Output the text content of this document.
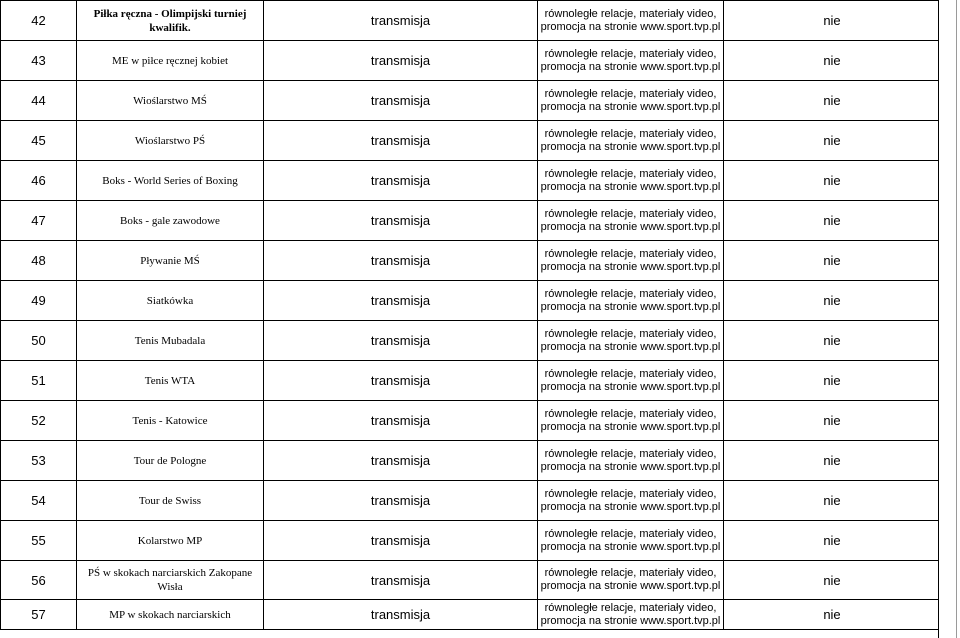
42	Piłka ręczna - Olimpijski turniej kwalifik.	transmisja	równoległe relacje, materiały video,
promocja na stronie www.sport.tvp.pl	nie
43	ME w piłce ręcznej kobiet	transmisja	równoległe relacje, materiały video,
promocja na stronie www.sport.tvp.pl	nie
44	Wioślarstwo MŚ	transmisja	równoległe relacje, materiały video,
promocja na stronie www.sport.tvp.pl	nie
45	Wioślarstwo PŚ	transmisja	równoległe relacje, materiały video,
promocja na stronie www.sport.tvp.pl	nie
46	Boks - World Series of Boxing	transmisja	równoległe relacje, materiały video,
promocja na stronie www.sport.tvp.pl	nie
47	Boks - gale zawodowe	transmisja	równoległe relacje, materiały video,
promocja na stronie www.sport.tvp.pl	nie
48	Pływanie MŚ	transmisja	równoległe relacje, materiały video,
promocja na stronie www.sport.tvp.pl	nie
49	Siatkówka	transmisja	równoległe relacje, materiały video,
promocja na stronie www.sport.tvp.pl	nie
50	Tenis Mubadala	transmisja	równoległe relacje, materiały video,
promocja na stronie www.sport.tvp.pl	nie
51	Tenis WTA	transmisja	równoległe relacje, materiały video,
promocja na stronie www.sport.tvp.pl	nie
52	Tenis - Katowice	transmisja	równoległe relacje, materiały video,
promocja na stronie www.sport.tvp.pl	nie
53	Tour de Pologne	transmisja	równoległe relacje, materiały video,
promocja na stronie www.sport.tvp.pl	nie
54	Tour de Swiss	transmisja	równoległe relacje, materiały video,
promocja na stronie www.sport.tvp.pl	nie
55	Kolarstwo MP	transmisja	równoległe relacje, materiały video,
promocja na stronie www.sport.tvp.pl	nie
56	PŚ w skokach narciarskich Zakopane Wisła	transmisja	równoległe relacje, materiały video,
promocja na stronie www.sport.tvp.pl	nie
57	MP w skokach narciarskich	transmisja	równoległe relacje, materiały video,
promocja na stronie www.sport.tvp.pl	nie
